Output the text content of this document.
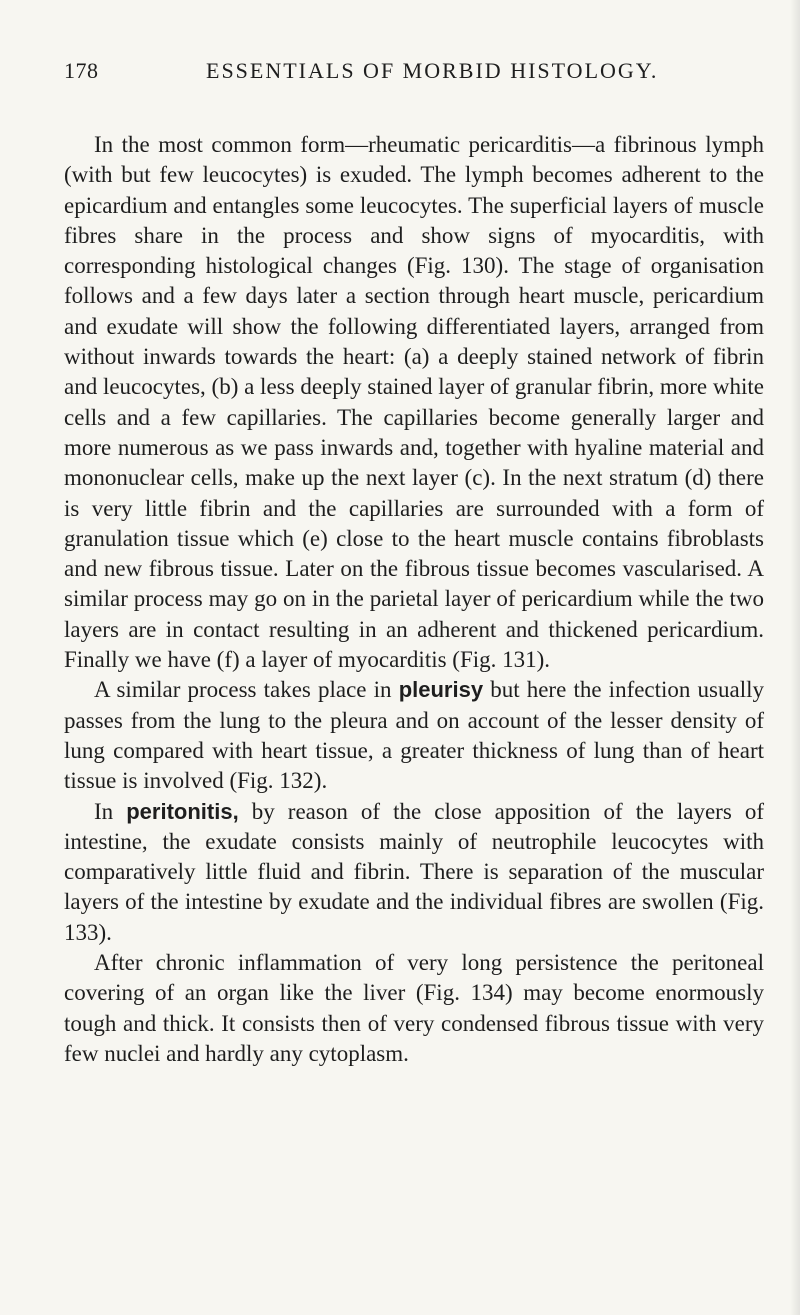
178	ESSENTIALS OF MORBID HISTOLOGY.

In the most common form—rheumatic pericarditis—a fibrinous lymph (with but few leucocytes) is exuded. The lymph becomes adherent to the epicardium and entangles some leucocytes. The superficial layers of muscle fibres share in the process and show signs of myocarditis, with corresponding histological changes (Fig. 130). The stage of organisation follows and a few days later a section through heart muscle, pericardium and exudate will show the following differentiated layers, arranged from without inwards towards the heart: (a) a deeply stained network of fibrin and leucocytes, (b) a less deeply stained layer of granular fibrin, more white cells and a few capillaries. The capillaries become generally larger and more numerous as we pass inwards and, together with hyaline material and mononuclear cells, make up the next layer (c). In the next stratum (d) there is very little fibrin and the capillaries are surrounded with a form of granulation tissue which (e) close to the heart muscle contains fibroblasts and new fibrous tissue. Later on the fibrous tissue becomes vascularised. A similar process may go on in the parietal layer of pericardium while the two layers are in contact resulting in an adherent and thickened pericardium. Finally we have (f) a layer of myocarditis (Fig. 131).

A similar process takes place in pleurisy but here the infection usually passes from the lung to the pleura and on account of the lesser density of lung compared with heart tissue, a greater thickness of lung than of heart tissue is involved (Fig. 132).

In peritonitis, by reason of the close apposition of the layers of intestine, the exudate consists mainly of neutrophile leucocytes with comparatively little fluid and fibrin. There is separation of the muscular layers of the intestine by exudate and the individual fibres are swollen (Fig. 133).

After chronic inflammation of very long persistence the peritoneal covering of an organ like the liver (Fig. 134) may become enormously tough and thick. It consists then of very condensed fibrous tissue with very few nuclei and hardly any cytoplasm.
